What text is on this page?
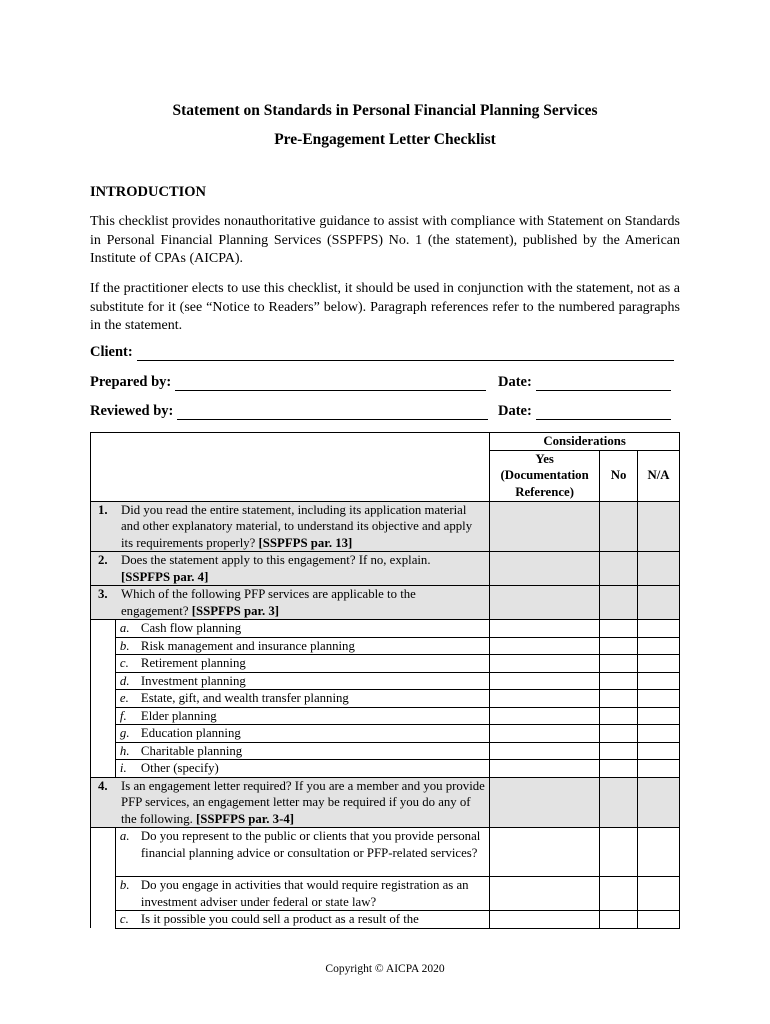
Statement on Standards in Personal Financial Planning Services
Pre-Engagement Letter Checklist
INTRODUCTION
This checklist provides nonauthoritative guidance to assist with compliance with Statement on Standards in Personal Financial Planning Services (SSPFPS) No. 1 (the statement), published by the American Institute of CPAs (AICPA).
If the practitioner elects to use this checklist, it should be used in conjunction with the statement, not as a substitute for it (see “Notice to Readers” below). Paragraph references refer to the numbered paragraphs in the statement.
Client:
Prepared by:	Date:
Reviewed by:	Date:
		Considerations		
		Yes (Documentation Reference)	No	N/A

1. Did you read the entire statement, including its application material and other explanatory material, to understand its objective and apply its requirements properly? [SSPFPS par. 13]				

2. Does the statement apply to this engagement? If no, explain.
[SSPFPS par. 4]				

3. Which of the following PFP services are applicable to the engagement? [SSPFPS par. 3]				

	a. Cash flow planning			

	b. Risk management and insurance planning			

	c. Retirement planning			

	d. Investment planning			

	e. Estate, gift, and wealth transfer planning			

	f. Elder planning			

	g. Education planning			

	h. Charitable planning			

	i. Other (specify)			

4. Is an engagement letter required? If you are a member and you provide PFP services, an engagement letter may be required if you do any of the following. [SSPFPS par. 3-4]				

	a. Do you represent to the public or clients that you provide personal financial planning advice or consultation or PFP-related services?			

	b. Do you engage in activities that would require registration as an investment adviser under federal or state law?			

	c. Is it possible you could sell a product as a result of the			

Copyright © AICPA 2020
